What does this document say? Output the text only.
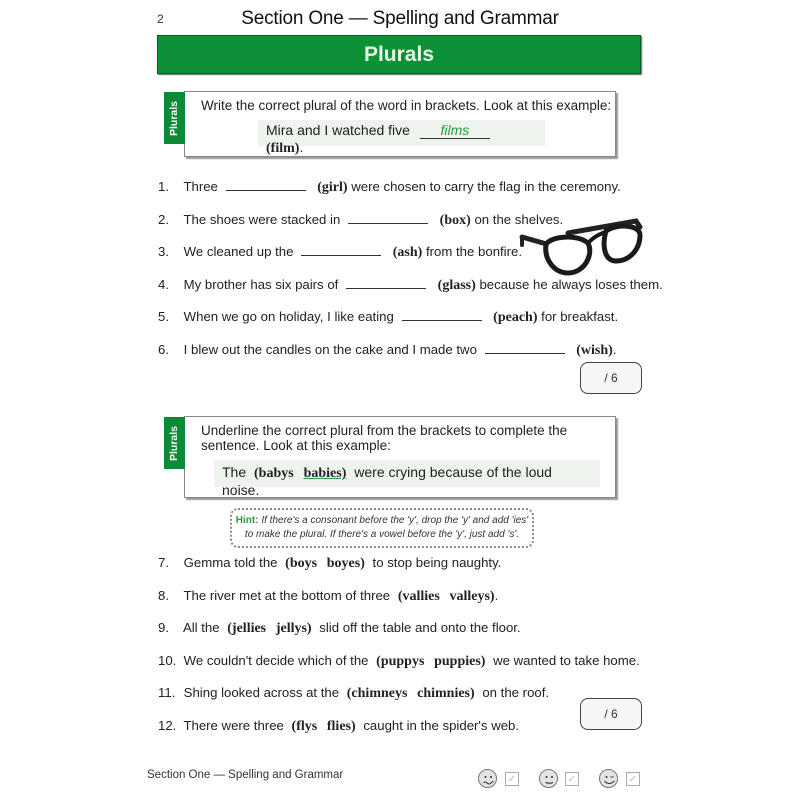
2	Section One — Spelling and Grammar
Plurals
Plurals	Write the correct plural of the word in brackets. Look at this example:
Mira and I watched five films (film).
1. Three	(girl) were chosen to carry the flag in the ceremony.
2. The shoes were stacked in	(box) on the shelves.
3. We cleaned up the	(ash) from the bonfire.
4. My brother has six pairs of	(glass) because he always loses them.
5. When we go on holiday, I like eating	(peach) for breakfast.
6. I blew out the candles on the cake and I made two	(wish).
/ 6
Plurals	Underline the correct plural from the brackets to complete the
sentence. Look at this example:
The (babys babies) were crying because of the loud noise.
Hint: If there's a consonant before the 'y', drop the 'y' and add 'ies'
to make the plural. If there's a vowel before the 'y', just add 's'.
7. Gemma told the (boys boyes) to stop being naughty.
8. The river met at the bottom of three (vallies valleys).
9. All the (jellies jellys) slid off the table and onto the floor.
10. We couldn't decide which of the (puppys puppies) we wanted to take home.
11. Shing looked across at the (chimneys chimnies) on the roof.
12. There were three (flys flies) caught in the spider's web.
/ 6
Section One — Spelling and Grammar	✓	✓	✓
